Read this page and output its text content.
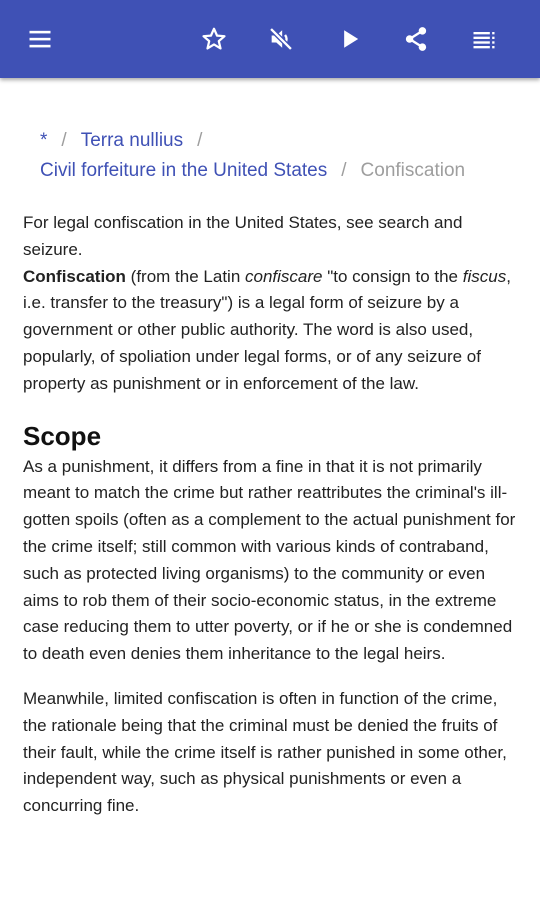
* / Terra nullius /
Civil forfeiture in the United States / Confiscation

For legal confiscation in the United States, see search and seizure.

Confiscation (from the Latin confiscare "to consign to the fiscus, i.e. transfer to the treasury") is a legal form of seizure by a government or other public authority. The word is also used, popularly, of spoliation under legal forms, or of any seizure of property as punishment or in enforcement of the law.

Scope

As a punishment, it differs from a fine in that it is not primarily meant to match the crime but rather reattributes the criminal's ill-gotten spoils (often as a complement to the actual punishment for the crime itself; still common with various kinds of contraband, such as protected living organisms) to the community or even aims to rob them of their socio-economic status, in the extreme case reducing them to utter poverty, or if he or she is condemned to death even denies them inheritance to the legal heirs.

Meanwhile, limited confiscation is often in function of the crime, the rationale being that the criminal must be denied the fruits of their fault, while the crime itself is rather punished in some other, independent way, such as physical punishments or even a concurring fine.
